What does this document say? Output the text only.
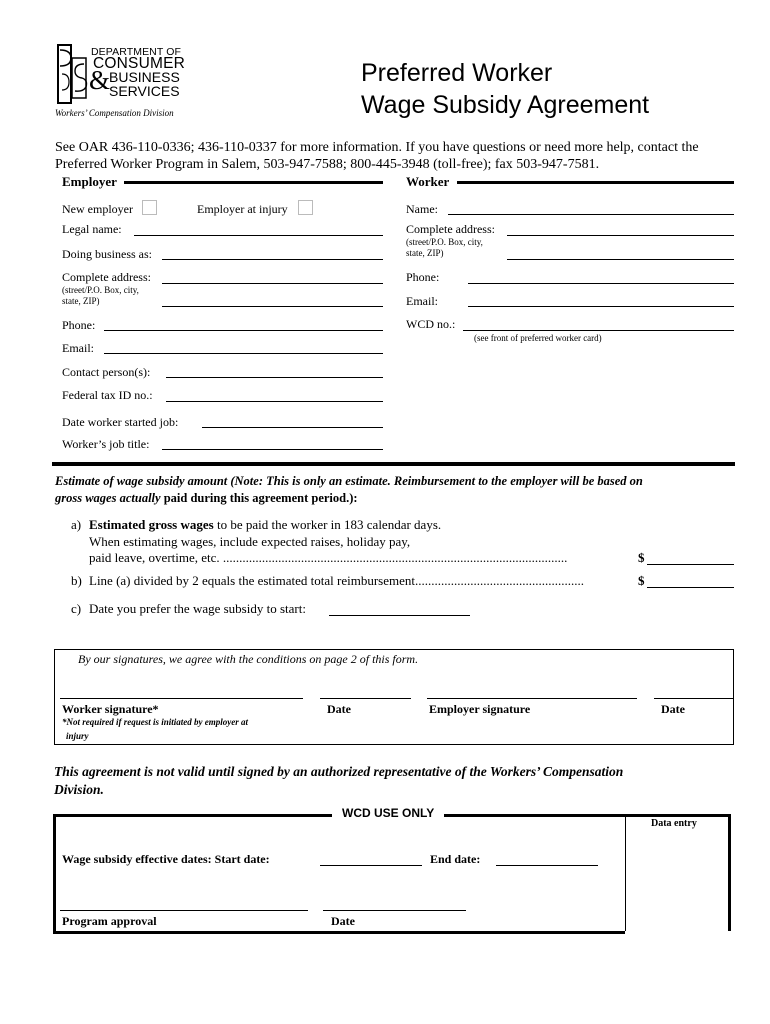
DEPARTMENT OF
CONSUMER
&
BUSINESS
SERVICES
Workers’ Compensation Division
Preferred Worker
Wage Subsidy Agreement
See OAR 436-110-0336; 436-110-0337 for more information. If you have questions or need more help, contact the
Preferred Worker Program in Salem, 503-947-7588; 800-445-3948 (toll-free); fax 503-947-7581.
Employer
New employer	Employer at injury
Legal name:
Doing business as:
Complete address:
(street/P.O. Box, city,
state, ZIP)
Phone:
Email:
Contact person(s):
Federal tax ID no.:
Date worker started job:
Worker’s job title:
Worker
Name:
Complete address:
(street/P.O. Box, city,
state, ZIP)
Phone:
Email:
WCD no.:
(see front of preferred worker card)
Estimate of wage subsidy amount (Note: This is only an estimate. Reimbursement to the employer will be based on
gross wages actually paid during this agreement period.):
a) Estimated gross wages to be paid the worker in 183 calendar days.
When estimating wages, include expected raises, holiday pay,
paid leave, overtime, etc. ..........................................................................................................	$
b) Line (a) divided by 2 equals the estimated total reimbursement....................................................	$
c) Date you prefer the wage subsidy to start:
By our signatures, we agree with the conditions on page 2 of this form.
Worker signature*
*Not required if request is initiated by employer at
injury
Date	Employer signature	Date
This agreement is not valid until signed by an authorized representative of the Workers’ Compensation
Division.
WCD USE ONLY
Data entry
Wage subsidy effective dates: Start date:	End date:
Program approval	Date
